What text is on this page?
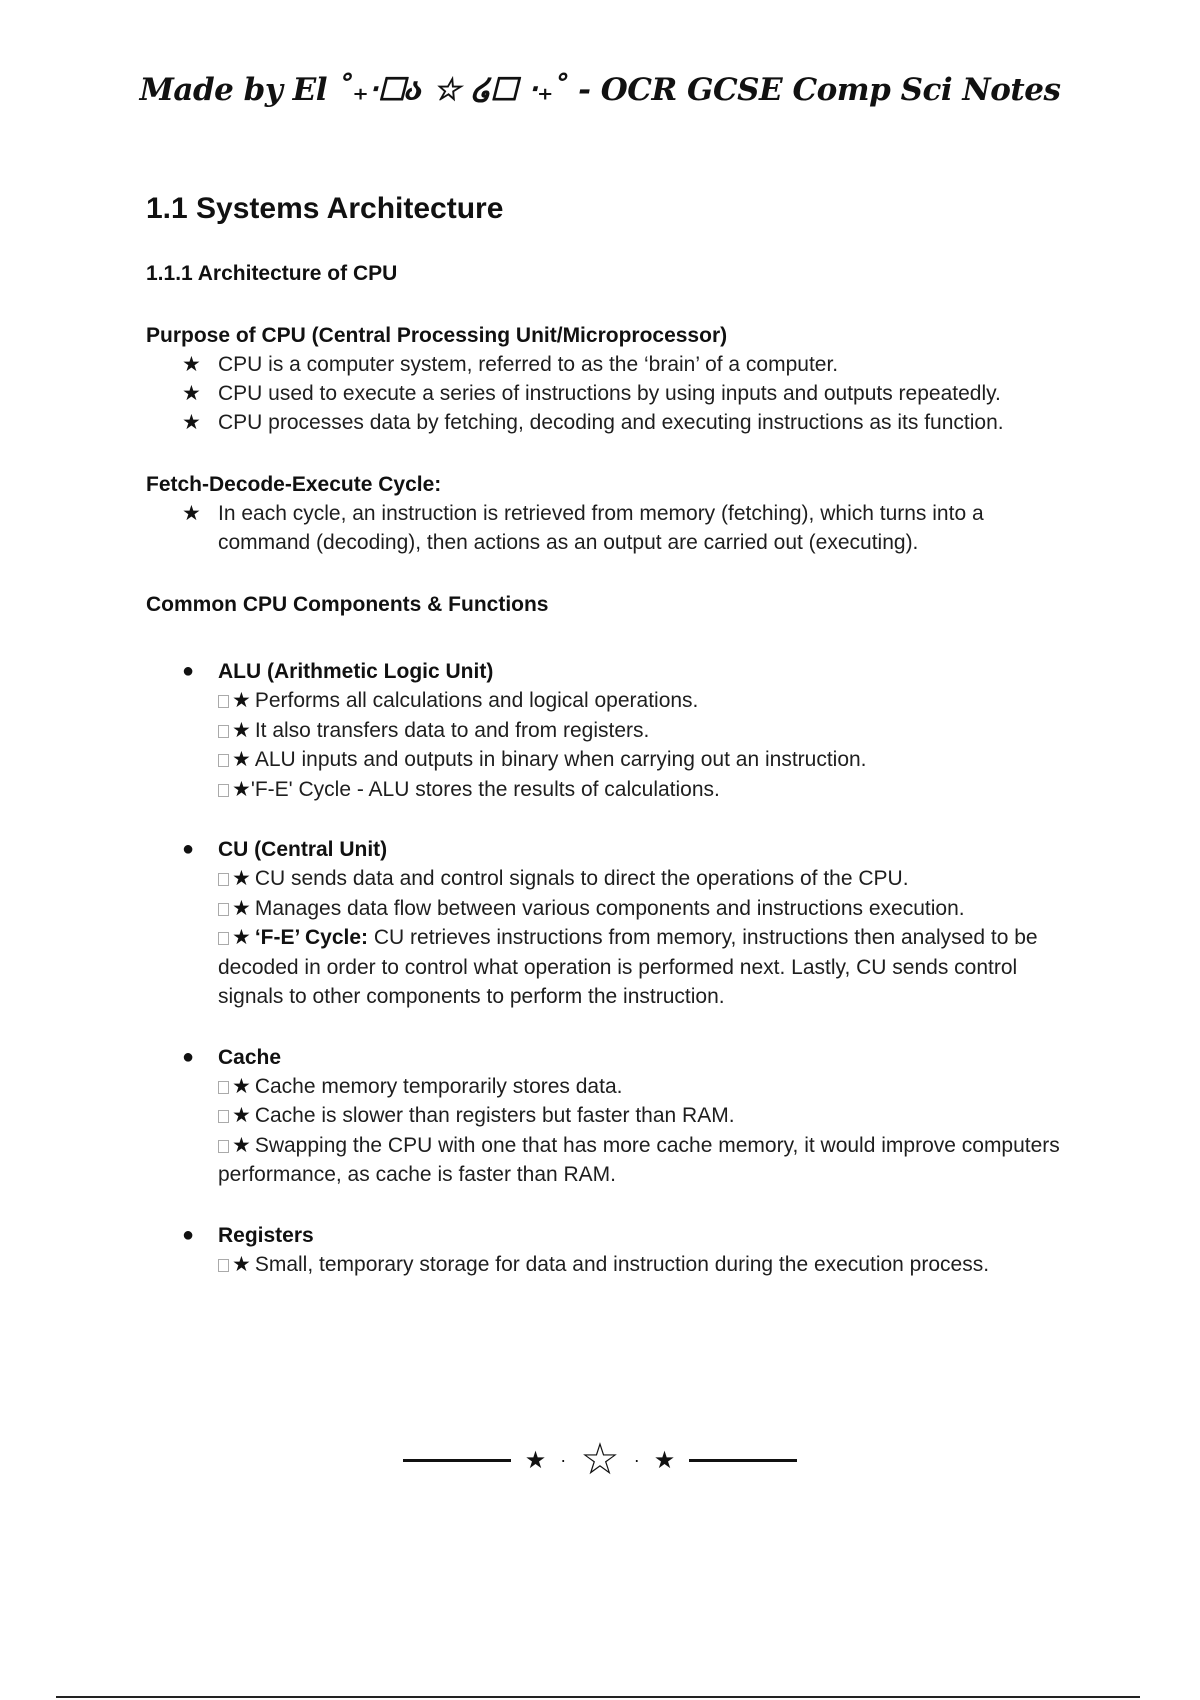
Made by El ˚₊‧☐ა ☆ ໒☐ ‧₊˚ - OCR GCSE Comp Sci Notes
1.1 Systems Architecture
1.1.1 Architecture of CPU
Purpose of CPU (Central Processing Unit/Microprocessor)
★ CPU is a computer system, referred to as the ‘brain’ of a computer.
★ CPU used to execute a series of instructions by using inputs and outputs repeatedly.
★ CPU processes data by fetching, decoding and executing instructions as its function.
Fetch-Decode-Execute Cycle:
★ In each cycle, an instruction is retrieved from memory (fetching), which turns into a command (decoding), then actions as an output are carried out (executing).
Common CPU Components & Functions
● ALU (Arithmetic Logic Unit)
★ Performs all calculations and logical operations.
★ It also transfers data to and from registers.
★ ALU inputs and outputs in binary when carrying out an instruction.
★'F-E' Cycle - ALU stores the results of calculations.
● CU (Central Unit)
★ CU sends data and control signals to direct the operations of the CPU.
★ Manages data flow between various components and instructions execution.
★ ‘F-E’ Cycle: CU retrieves instructions from memory, instructions then analysed to be decoded in order to control what operation is performed next. Lastly, CU sends control signals to other components to perform the instruction.
● Cache
★ Cache memory temporarily stores data.
★ Cache is slower than registers but faster than RAM.
★ Swapping the CPU with one that has more cache memory, it would improve computers performance, as cache is faster than RAM.
● Registers
★ Small, temporary storage for data and instruction during the execution process.
★ · ☆ · ★
